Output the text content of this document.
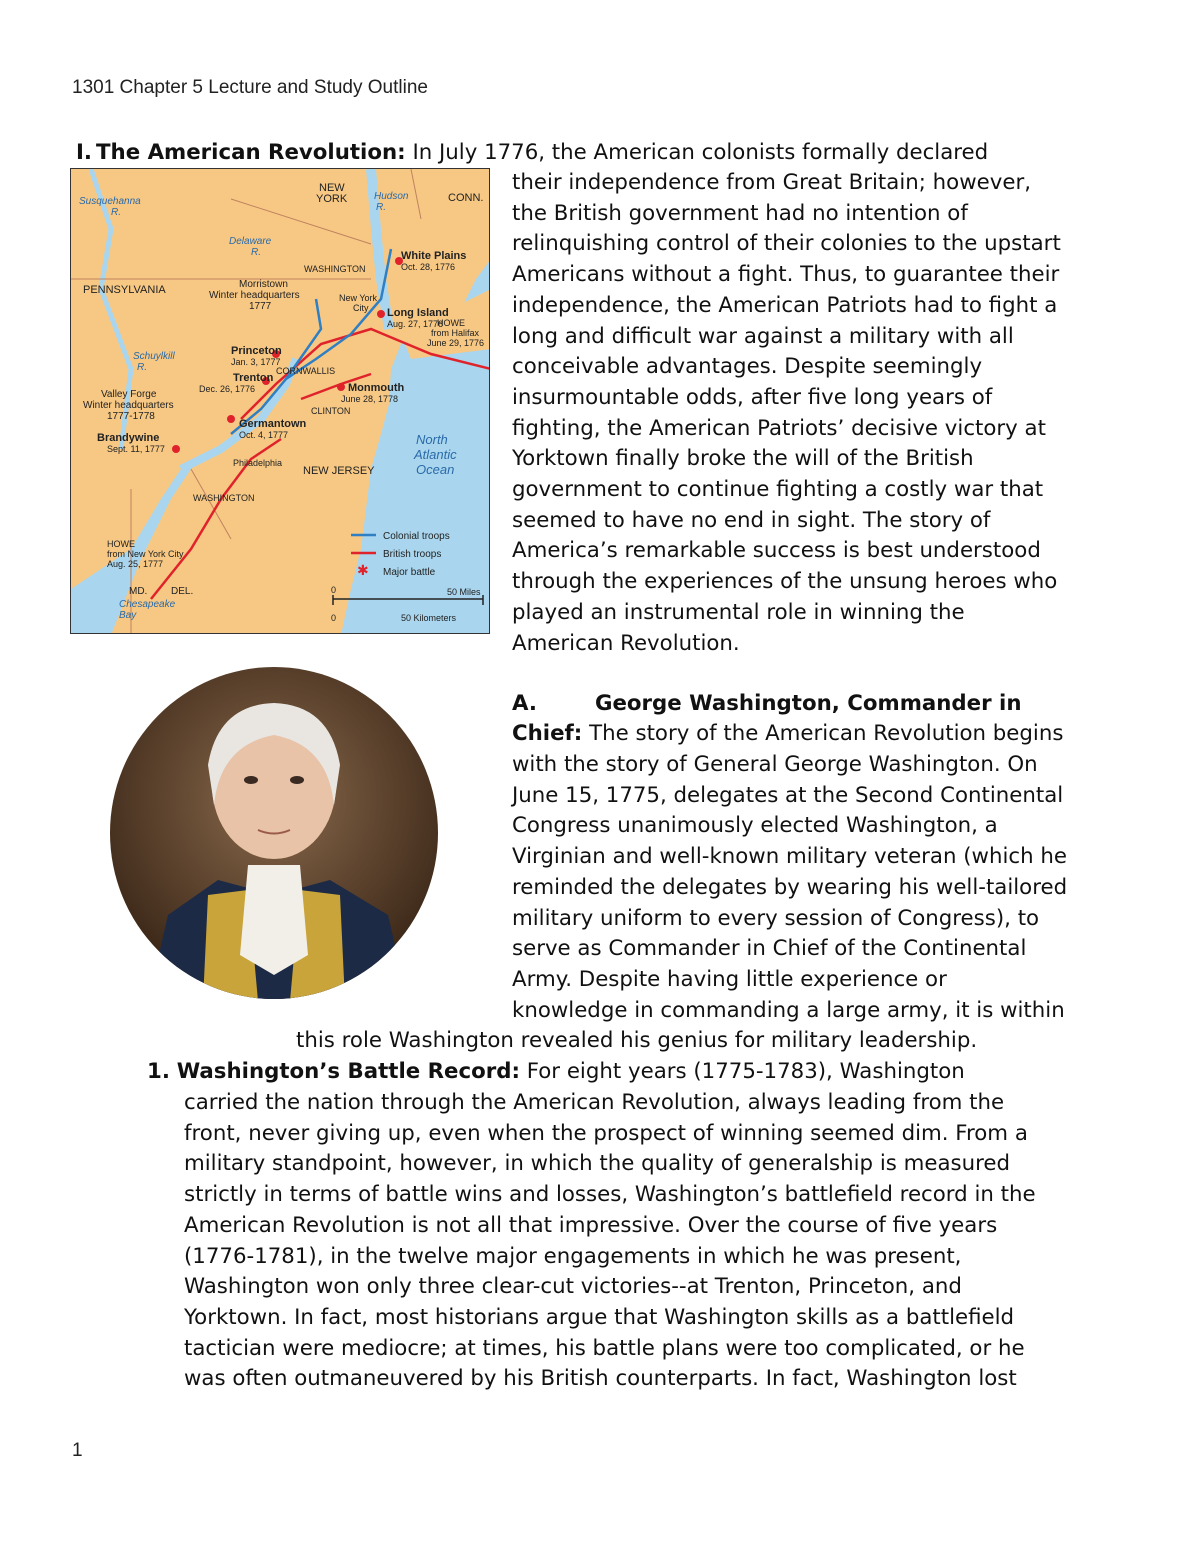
1301 Chapter 5 Lecture and Study Outline
Susquehanna R.
Delaware R.
Hudson R.
Schuylkill R.
Chesapeake Bay
North Atlantic Ocean
NEW YORK	CONN.
PENNSYLVANIA
NEW JERSEY
HOWE from Halifax June 29, 1776
HOWE from New York City Aug. 25, 1777
MD. DEL.
WASHINGTON
CORNWALLIS
CLINTON
Philadelphia
WASHINGTON
New York City
Morristown Winter headquarters 1777
Valley Forge Winter headquarters 1777-1778
White Plains Oct. 28, 1776
Long Island Aug. 27, 1776
Princeton Jan. 3, 1777
Trenton Dec. 26, 1776	Monmouth June 28, 1778
Germantown Oct. 4, 1777
Brandywine Sept. 11, 1777
Colonial troops
British troops
✱ Major battle
0	50 Miles
0	50 Kilometers
I. The American Revolution: In July 1776, the American colonists formally declared
their independence from Great Britain; however,
the British government had no intention of
relinquishing control of their colonies to the upstart
Americans without a fight. Thus, to guarantee their
independence, the American Patriots had to fight a
long and difficult war against a military with all
conceivable advantages. Despite seemingly
insurmountable odds, after five long years of
fighting, the American Patriots’ decisive victory at
Yorktown finally broke the will of the British
government to continue fighting a costly war that
seemed to have no end in sight. The story of
America’s remarkable success is best understood
through the experiences of the unsung heroes who
played an instrumental role in winning the
American Revolution.
A.	George Washington, Commander in
Chief: The story of the American Revolution begins
with the story of General George Washington. On
June 15, 1775, delegates at the Second Continental
Congress unanimously elected Washington, a
Virginian and well-known military veteran (which he
reminded the delegates by wearing his well-tailored
military uniform to every session of Congress), to
serve as Commander in Chief of the Continental
Army. Despite having little experience or
knowledge in commanding a large army, it is within
this role Washington revealed his genius for military leadership.
1. Washington’s Battle Record: For eight years (1775-1783), Washington
carried the nation through the American Revolution, always leading from the
front, never giving up, even when the prospect of winning seemed dim. From a
military standpoint, however, in which the quality of generalship is measured
strictly in terms of battle wins and losses, Washington’s battlefield record in the
American Revolution is not all that impressive. Over the course of five years
(1776-1781), in the twelve major engagements in which he was present,
Washington won only three clear-cut victories--at Trenton, Princeton, and
Yorktown. In fact, most historians argue that Washington skills as a battlefield
tactician were mediocre; at times, his battle plans were too complicated, or he
was often outmaneuvered by his British counterparts. In fact, Washington lost
1
